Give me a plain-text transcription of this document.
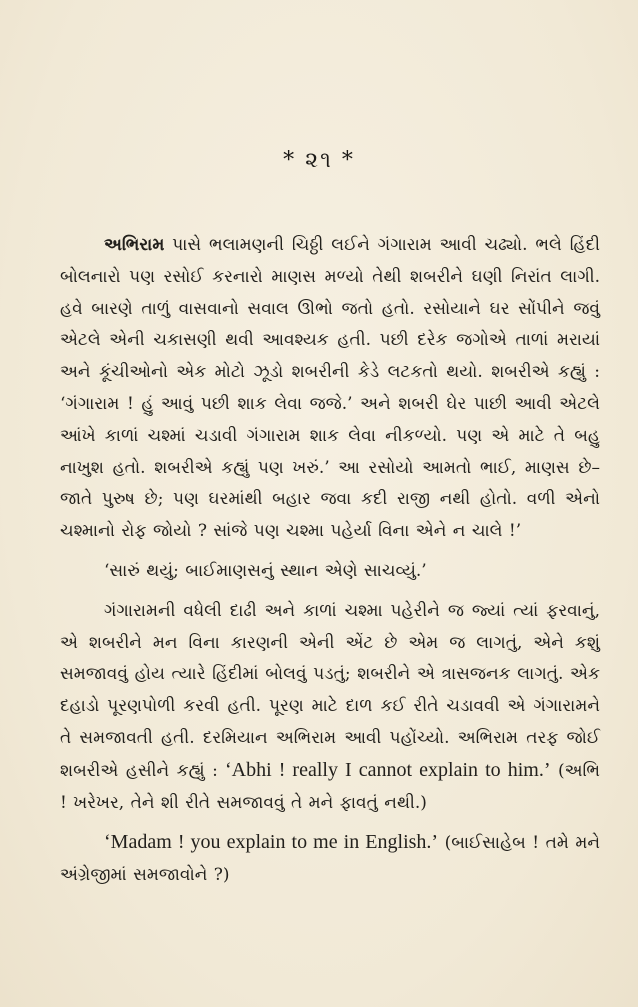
* ૨૧ *

અભિરામ પાસે ભલામણની ચિઠ્ઠી લઈને ગંગારામ આવી ચઢ્યો. ભલે હિંદી બોલનારો પણ રસોઈ કરનારો માણસ મળ્યો તેથી શબરીને ઘણી નિરાંત લાગી. હવે બારણે તાળું વાસવાનો સવાલ ઊભો જતો હતો. રસોયાને ઘર સોંપીને જવું એટલે એની ચકાસણી થવી આવશ્યક હતી. પછી દરેક જગોએ તાળાં મરાયાં અને કૂંચીઓનો એક મોટો ઝૂડો શબરીની કેડે લટકતો થયો. શબરીએ કહ્યું : ‘ગંગારામ ! હું આવું પછી શાક લેવા જજે.’ અને શબરી ઘેર પાછી આવી એટલે આંખે કાળાં ચશ્માં ચડાવી ગંગારામ શાક લેવા નીકળ્યો. પણ એ માટે તે બહુ નાખુશ હતો. શબરીએ કહ્યું પણ ખરું.’ આ રસોયો આમતો ભાઈ, માણસ છે–જાતે પુરુષ છે; પણ ઘરમાંથી બહાર જવા કદી રાજી નથી હોતો. વળી એનો ચશ્માનો રોફ જોયો ? સાંજે પણ ચશ્મા પહેર્યા વિના એને ન ચાલે !’

‘સારું થયું; બાઈમાણસનું સ્થાન એણે સાચવ્યું.’

ગંગારામની વધેલી દાઢી અને કાળાં ચશ્મા પહેરીને જ જ્યાં ત્યાં ફરવાનું, એ શબરીને મન વિના કારણની એની એંટ છે એમ જ લાગતું, એને કશું સમજાવવું હોય ત્યારે હિંદીમાં બોલવું પડતું; શબરીને એ ત્રાસજનક લાગતું. એક દહાડો પૂરણપોળી કરવી હતી. પૂરણ માટે દાળ કઈ રીતે ચડાવવી એ ગંગારામને તે સમજાવતી હતી. દરમિયાન અભિરામ આવી પહોંચ્યો. અભિરામ તરફ જોઈ શબરીએ હસીને કહ્યું : ‘Abhi ! really I cannot explain to him.’ (અભિ ! ખરેખર, તેને શી રીતે સમજાવવું તે મને ફાવતું નથી.)

‘Madam ! you explain to me in English.’ (બાઈસાહેબ ! તમે મને અંગ્રેજીમાં સમજાવોને ?)
